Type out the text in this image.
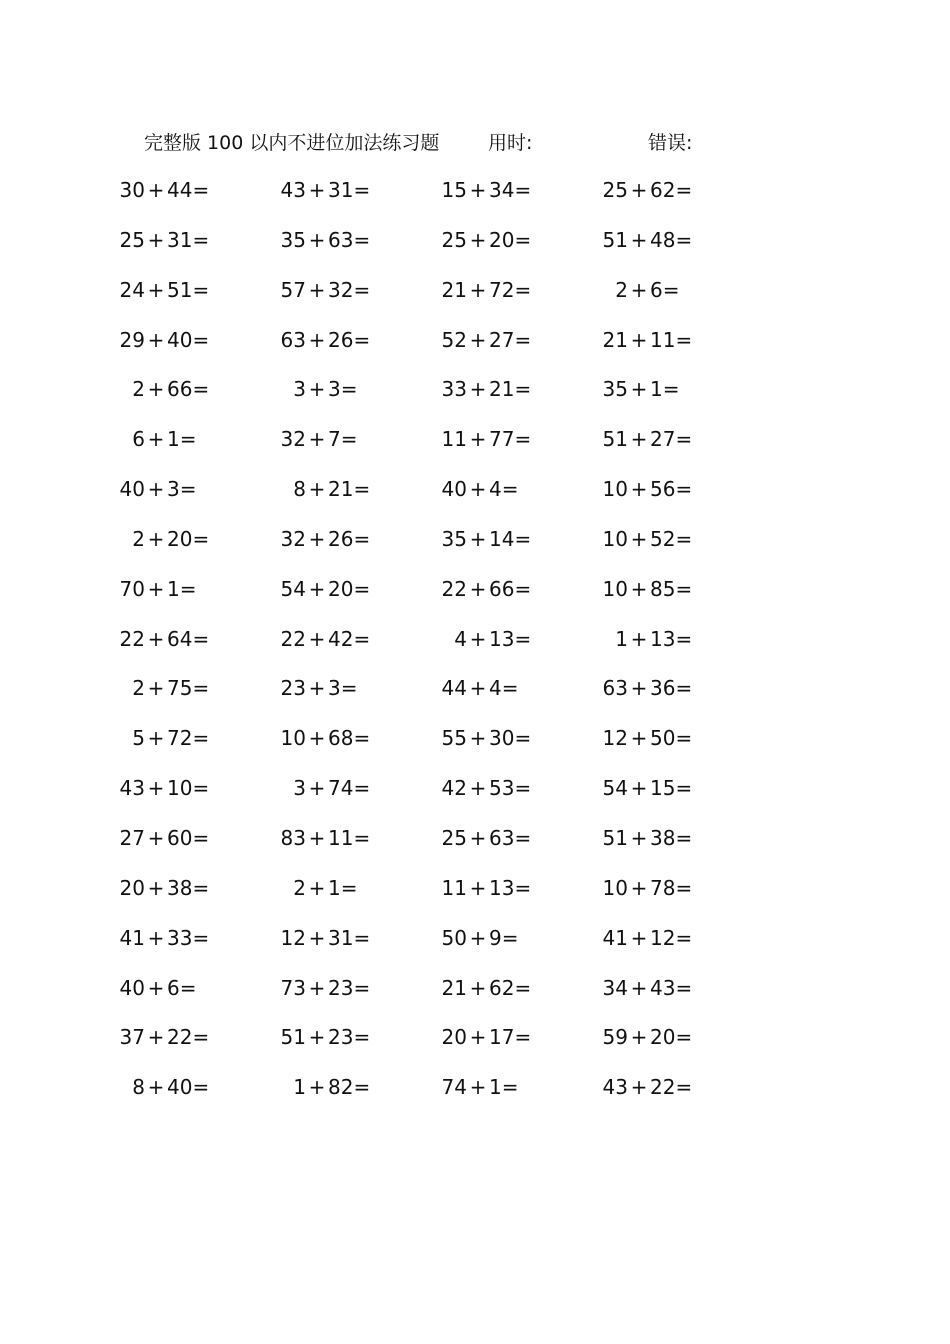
完整版 100 以内不进位加法练习题	用时:	错误:
30 + 44=	43 + 31=	15 + 34=	25 + 62=
25 + 31=	35 + 63=	25 + 20=	51 + 48=
24 + 51=	57 + 32=	21 + 72=	2 + 6=
29 + 40=	63 + 26=	52 + 27=	21 + 11=
2 + 66=	3 + 3=	33 + 21=	35 + 1=
6 + 1=	32 + 7=	11 + 77=	51 + 27=
40 + 3=	8 + 21=	40 + 4=	10 + 56=
2 + 20=	32 + 26=	35 + 14=	10 + 52=
70 + 1=	54 + 20=	22 + 66=	10 + 85=
22 + 64=	22 + 42=	4 + 13=	1 + 13=
2 + 75=	23 + 3=	44 + 4=	63 + 36=
5 + 72=	10 + 68=	55 + 30=	12 + 50=
43 + 10=	3 + 74=	42 + 53=	54 + 15=
27 + 60=	83 + 11=	25 + 63=	51 + 38=
20 + 38=	2 + 1=	11 + 13=	10 + 78=
41 + 33=	12 + 31=	50 + 9=	41 + 12=
40 + 6=	73 + 23=	21 + 62=	34 + 43=
37 + 22=	51 + 23=	20 + 17=	59 + 20=
8 + 40=	1 + 82=	74 + 1=	43 + 22=
